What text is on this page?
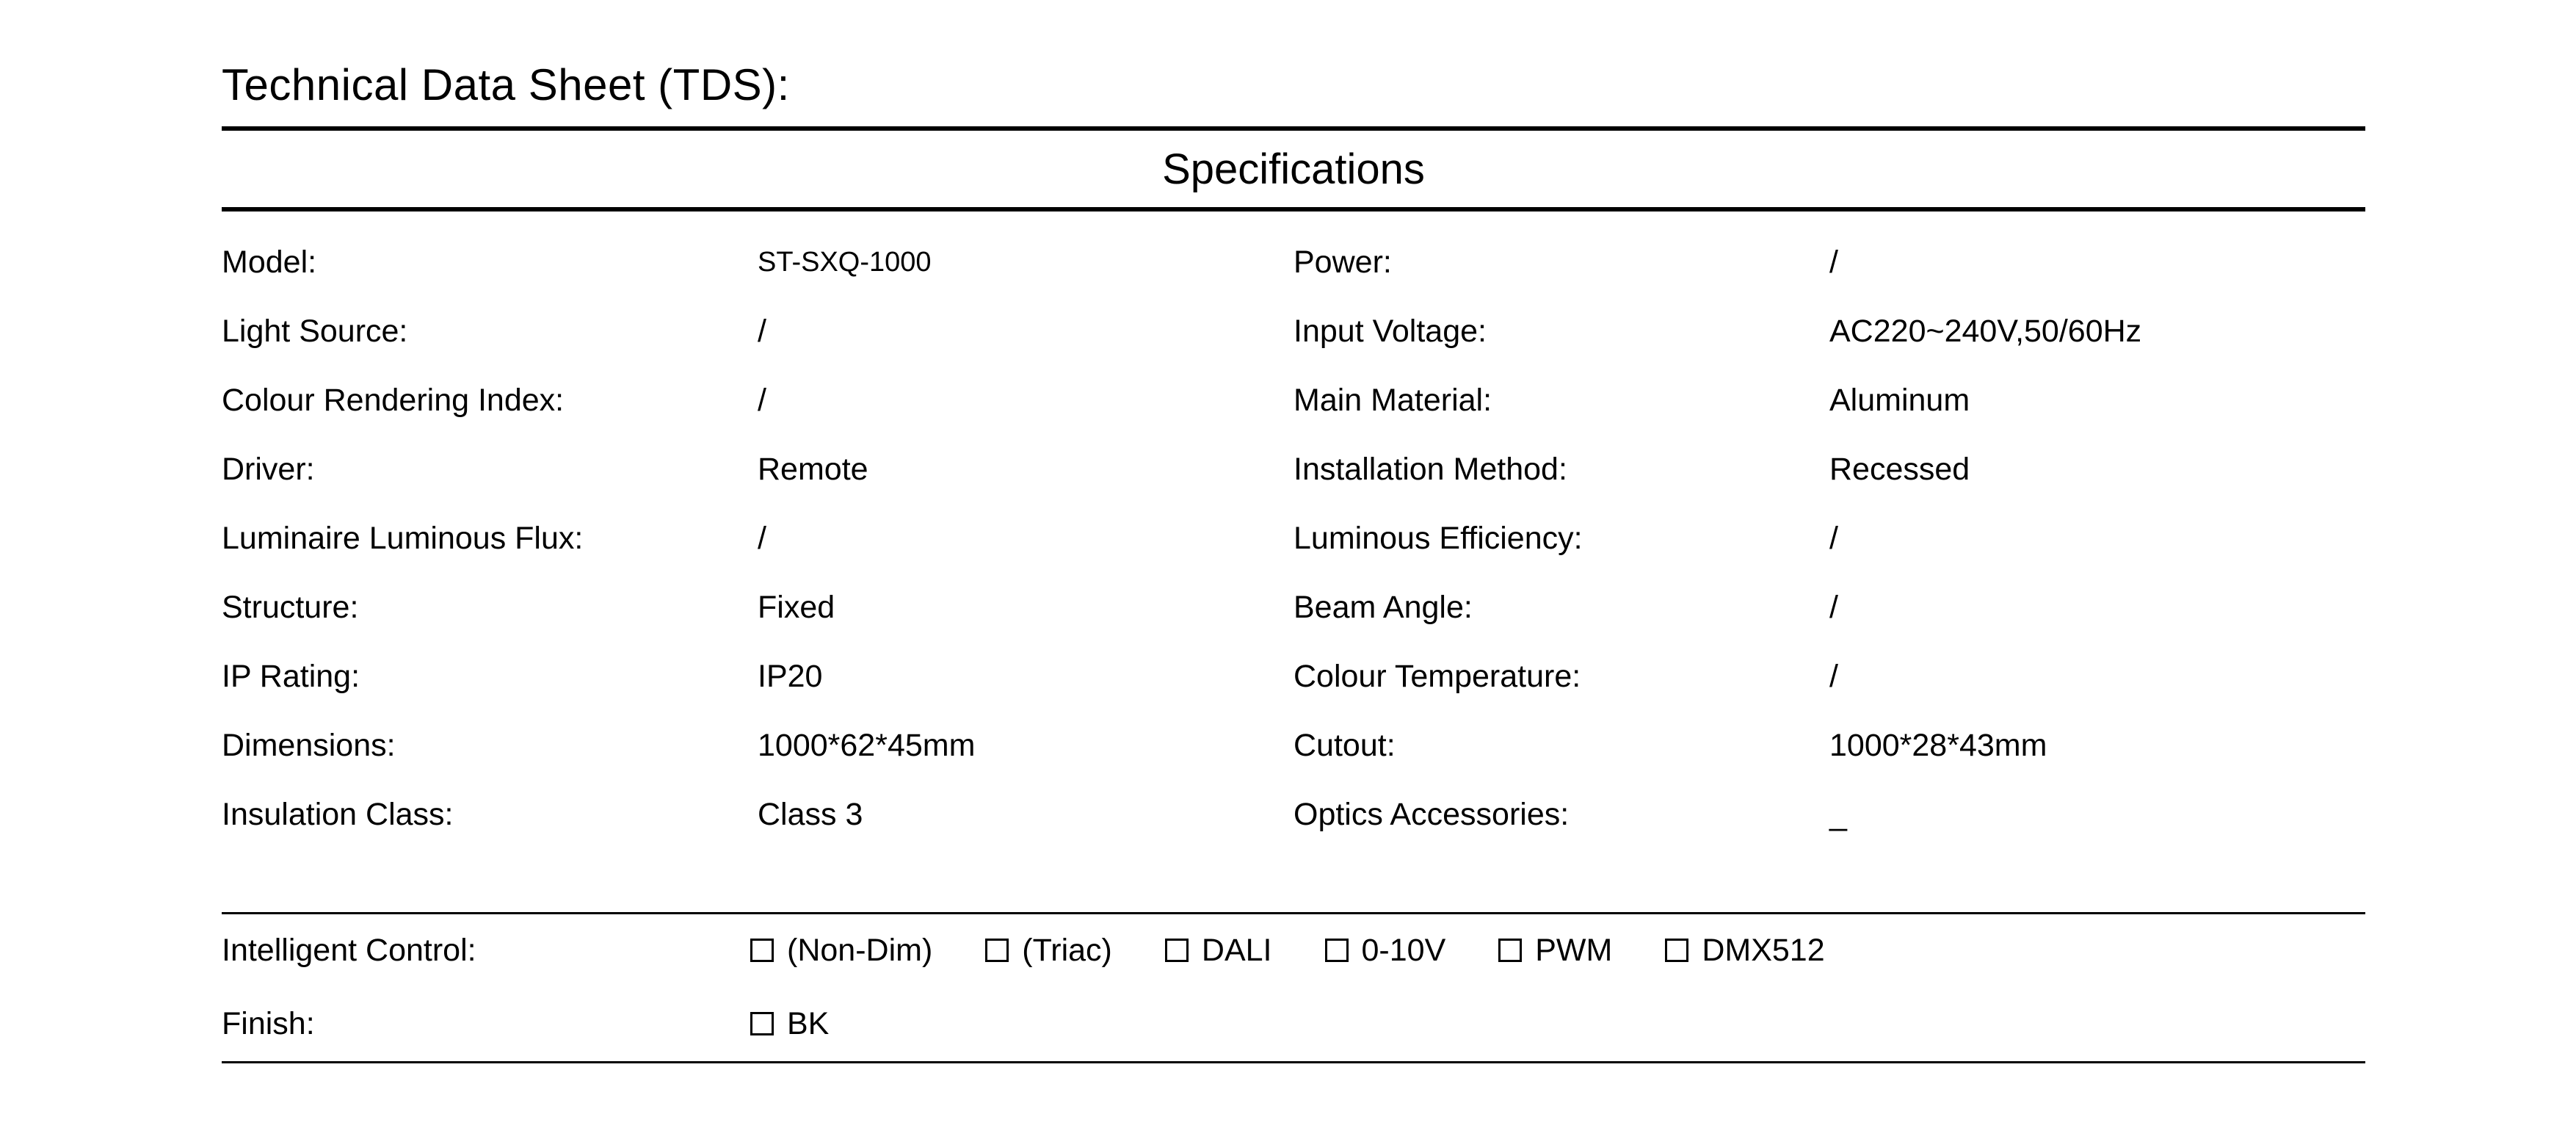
Technical Data Sheet (TDS):
Specifications
Model:	ST-SXQ-1000	Power:	/
Light Source:	/	Input Voltage:	AC220~240V,50/60Hz
Colour Rendering Index:	/	Main Material:	Aluminum
Driver:	Remote	Installation Method:	Recessed
Luminaire Luminous Flux:	/	Luminous Efficiency:	/
Structure:	Fixed	Beam Angle:	/
IP Rating:	IP20	Colour Temperature:	/
Dimensions:	1000*62*45mm	Cutout:	1000*28*43mm
Insulation Class:	Class 3	Optics Accessories:	_
Intelligent Control:	(Non-Dim)	(Triac)	DALI	0-10V	PWM	DMX512
Finish:	BK
